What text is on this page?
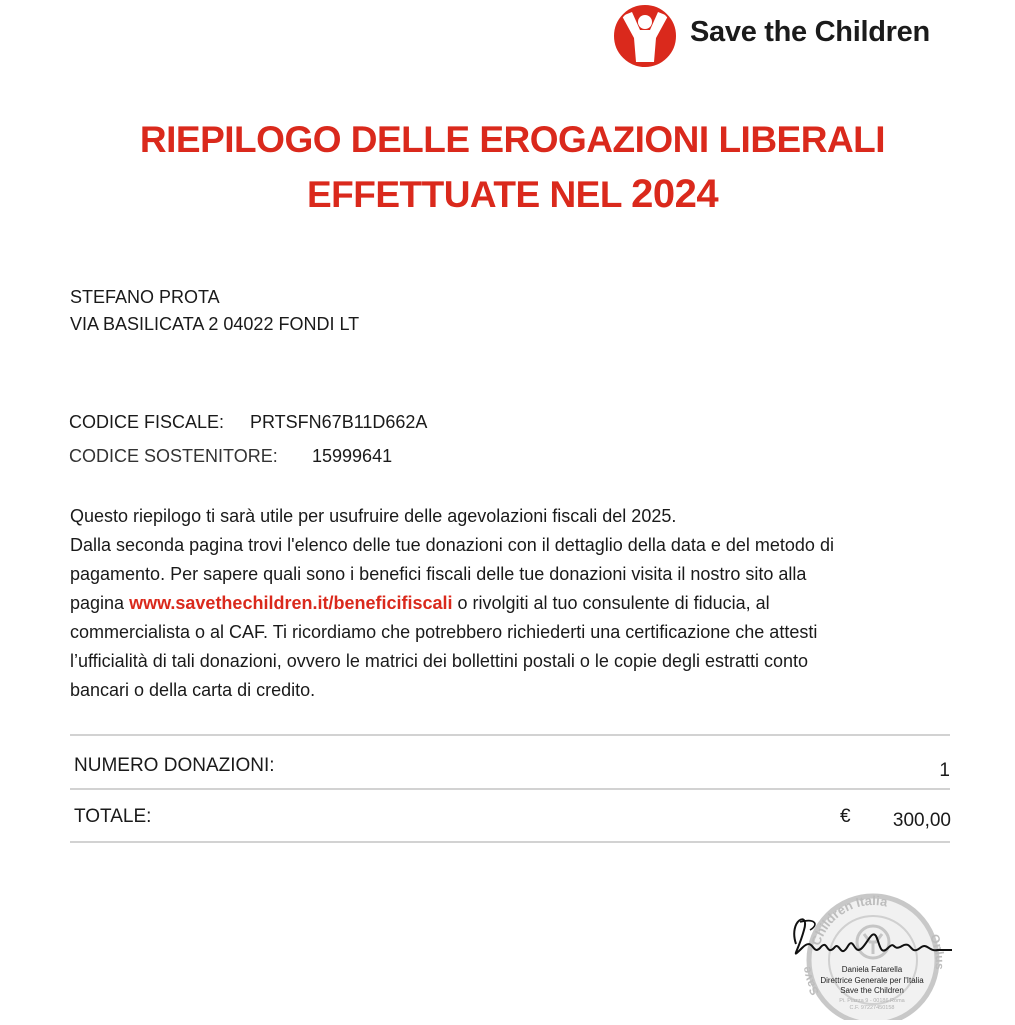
Save the Children
RIEPILOGO DELLE EROGAZIONI LIBERALI
EFFETTUATE NEL 2024
STEFANO PROTA
VIA BASILICATA 2 04022 FONDI LT
CODICE FISCALE: PRTSFN67B11D662A
CODICE SOSTENITORE: 15999641
Questo riepilogo ti sarà utile per usufruire delle agevolazioni fiscali del 2025.
Dalla seconda pagina trovi l'elenco delle tue donazioni con il dettaglio della data e del metodo di
pagamento. Per sapere quali sono i benefici fiscali delle tue donazioni visita il nostro sito alla
pagina www.savethechildren.it/beneficifiscali o rivolgiti al tuo consulente di fiducia, al
commercialista o al CAF. Ti ricordiamo che potrebbero richiederti una certificazione che attesti
l’ufficialità di tali donazioni, ovvero le matrici dei bollettini postali o le copie degli estratti conto
bancari o della carta di credito.
NUMERO DONAZIONI:	1
TOTALE:	€	300,00
Children Italia
Save
Onlus
Daniela Fatarella
Direttrice Generale per l'Italia
Save the Children
Pi. Piazza 9 - 00186 Roma
C.F. 97227450158
